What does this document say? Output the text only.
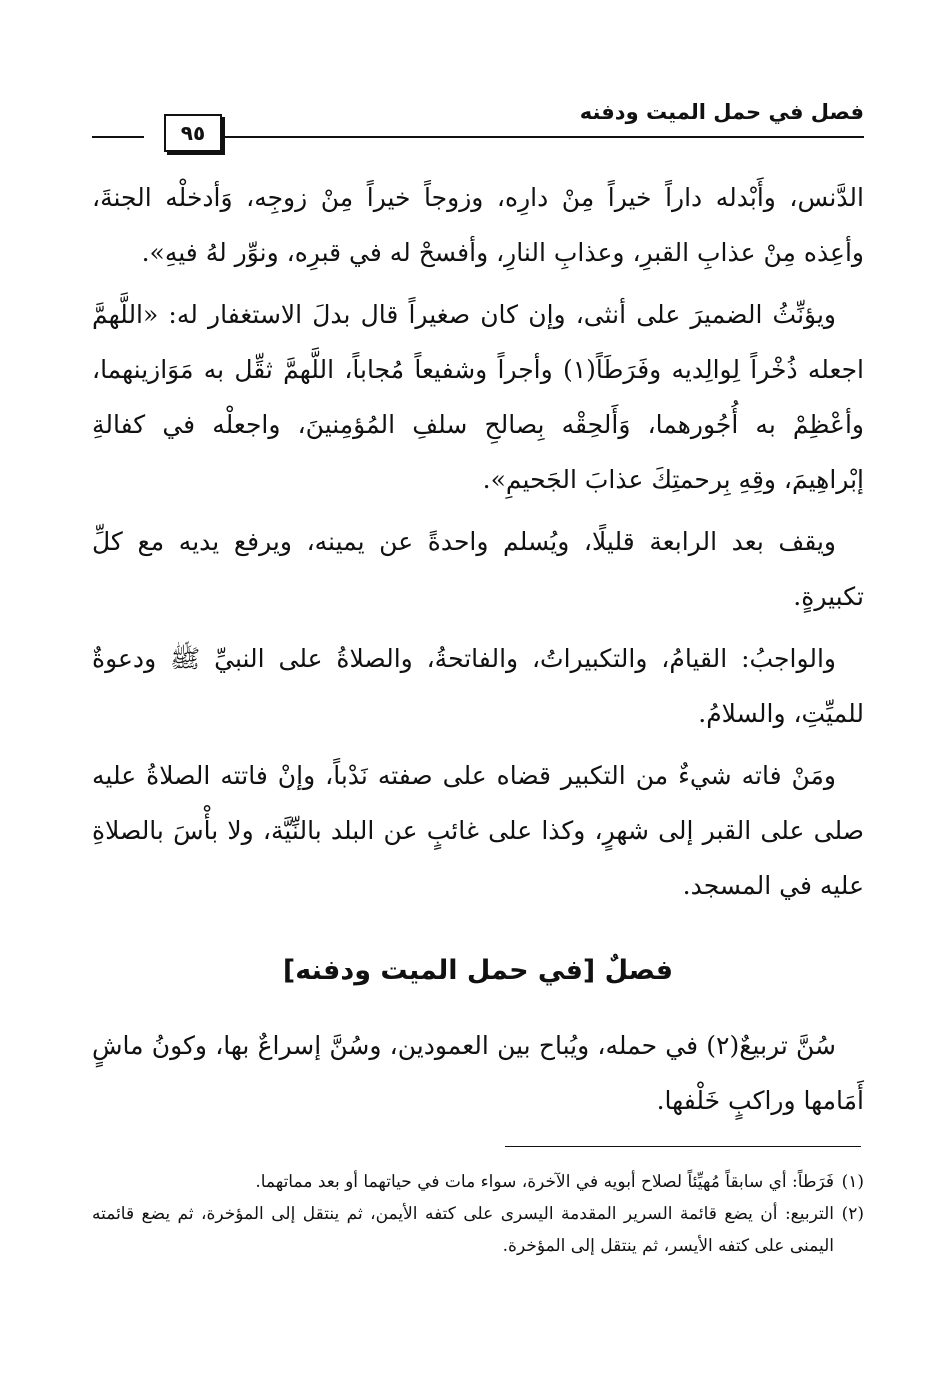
فصل في حمل الميت ودفنه
٩٥

الدَّنس، وأَبْدله داراً خيراً مِنْ دارِه، وزوجاً خيراً مِنْ زوجِه، وَأدخلْه الجنةَ، وأعِذه مِنْ عذابِ القبرِ، وعذابِ النارِ، وأفسحْ له في قبرِه، ونوِّر لهُ فيهِ».

ويؤنِّثُ الضميرَ على أنثى، وإن كان صغيراً قال بدلَ الاستغفار له: «اللَّهمَّ اجعله ذُخْراً لِوالِديه وفَرَطَاً(١) وأجراً وشفيعاً مُجاباً، اللَّهمَّ ثقِّل به مَوَازينهما، وأعْظِمْ به أُجُورهما، وَأَلحِقْه بِصالحِ سلفِ المُؤمِنينَ، واجعلْه في كفالةِ إبْراهِيمَ، وقِهِ بِرحمتِكَ عذابَ الجَحيمِ».

ويقف بعد الرابعة قليلًا، ويُسلم واحدةً عن يمينه، ويرفع يديه مع كلِّ تكبيرةٍ.

والواجبُ: القيامُ، والتكبيراتُ، والفاتحةُ، والصلاةُ على النبيِّ ﷺ ودعوةٌ للميِّتِ، والسلامُ.

ومَنْ فاته شيءٌ من التكبير قضاه على صفته نَدْباً، وإنْ فاتته الصلاةُ عليه صلى على القبر إلى شهرٍ، وكذا على غائبٍ عن البلد بالنِّيَّة، ولا بأْسَ بالصلاةِ عليه في المسجد.

فصلٌ [في حمل الميت ودفنه]

سُنَّ تربيعٌ(٢) في حمله، ويُباح بين العمودين، وسُنَّ إسراعٌ بها، وكونُ ماشٍ أَمَامها وراكبٍ خَلْفها.

(١)
فَرَطاً: أي سابقاً مُهيِّئاً لصلاح أبويه في الآخرة، سواء مات في حياتهما أو بعد مماتهما.

(٢)
التربيع: أن يضع قائمة السرير المقدمة اليسرى على كتفه الأيمن، ثم ينتقل إلى المؤخرة، ثم يضع قائمته اليمنى على كتفه الأيسر، ثم ينتقل إلى المؤخرة.
